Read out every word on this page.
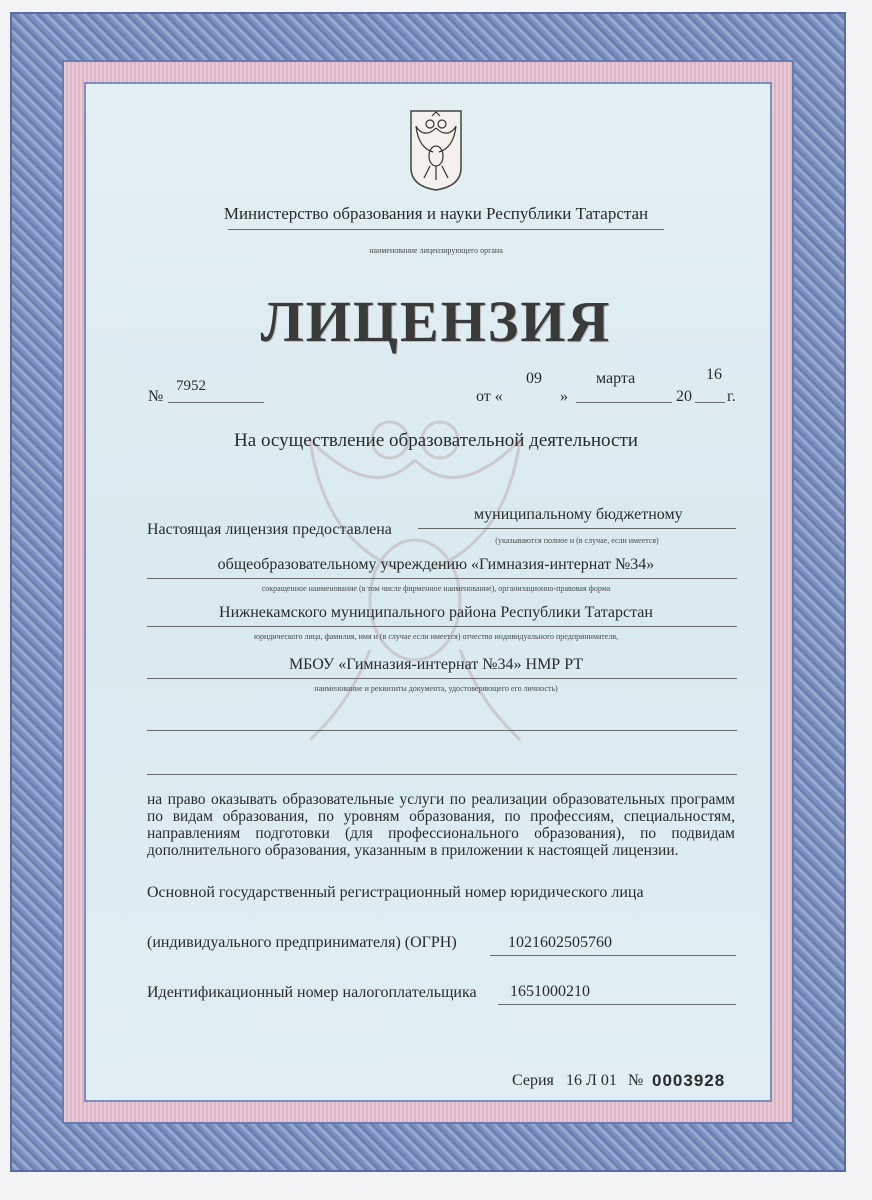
Министерство образования и науки Республики Татарстан
наименование лицензирующего органа
ЛИЦЕНЗИЯ
№
7952
от «
09
»
марта
20
16
г.
На осуществление образовательной деятельности
Настоящая лицензия предоставлена
муниципальному бюджетному
(указываются полное и (в случае, если имеется)
общеобразовательному учреждению «Гимназия-интернат №34»
сокращенное наименование (в том числе фирменное наименование), организационно-правовая форма
Нижнекамского муниципального района Республики Татарстан
юридического лица, фамилия, имя и (в случае если имеется) отчество индивидуального предпринимателя,
МБОУ «Гимназия-интернат №34» НМР РТ
наименование и реквизиты документа, удостоверяющего его личность)
на право оказывать образовательные услуги по реализации образовательных программ по видам образования, по уровням образования, по профессиям, специальностям, направлениям подготовки (для профессионального образования), по подвидам дополнительного образования, указанным в приложении к настоящей лицензии.
Основной государственный регистрационный номер юридического лица
(индивидуального предпринимателя) (ОГРН)	1021602505760
Идентификационный номер налогоплательщика 1651000210
Серия 16 Л 01 № 0003928
